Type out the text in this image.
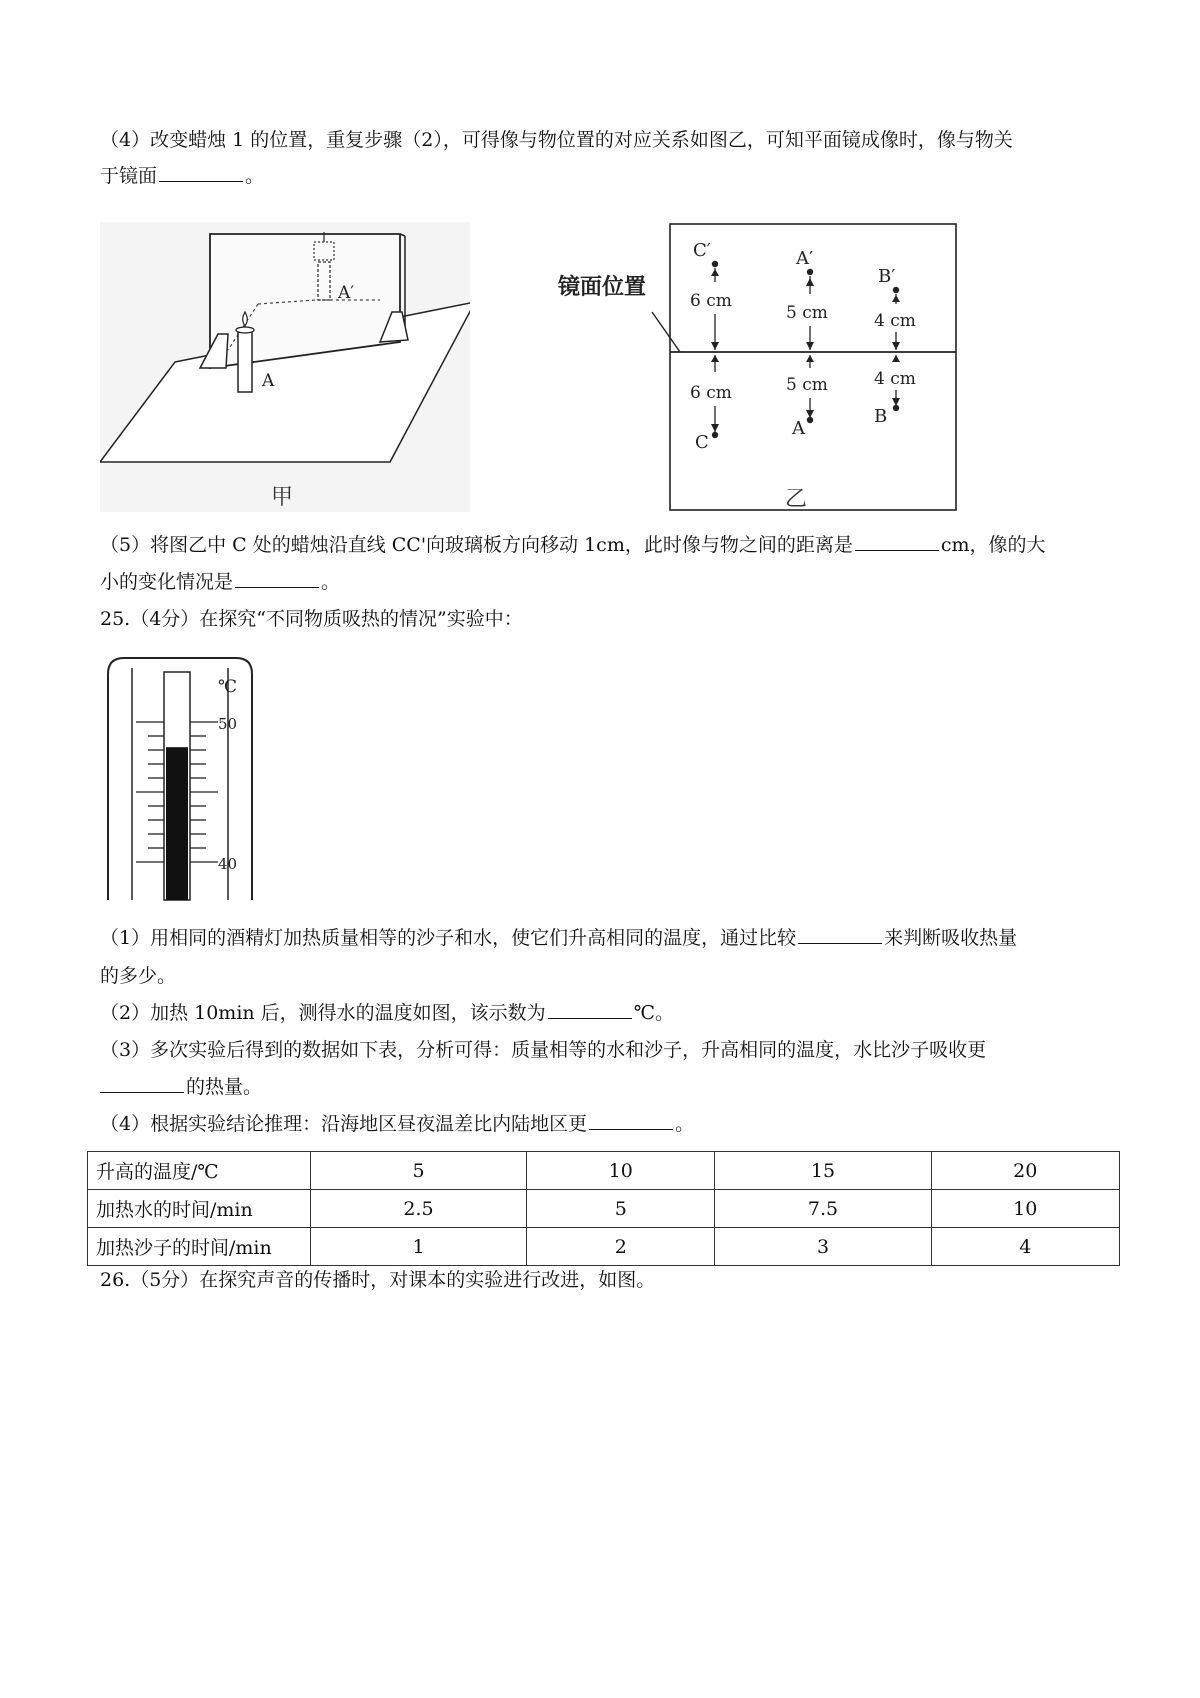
（4）改变蜡烛 1 的位置，重复步骤（2），可得像与物位置的对应关系如图乙，可知平面镜成像时，像与物关
于镜面	。
A′
A
甲
镜面位置
C′
6 cm
6 cm
C
A′
5 cm
5 cm
A
B′
4 cm
4 cm
B
乙
（5）将图乙中 C 处的蜡烛沿直线 CC'向玻璃板方向移动 1cm，此时像与物之间的距离是	cm，像的大
小的变化情况是	。
25.（4分）在探究“不同物质吸热的情况”实验中：
℃
50
40
（1）用相同的酒精灯加热质量相等的沙子和水，使它们升高相同的温度，通过比较	来判断吸收热量
的多少。
（2）加热 10min 后，测得水的温度如图，该示数为	℃。
（3）多次实验后得到的数据如下表，分析可得：质量相等的水和沙子，升高相同的温度，水比沙子吸收更
的热量。
（4）根据实验结论推理：沿海地区昼夜温差比内陆地区更	。
升高的温度/℃	5	10	15	20
加热水的时间/min	2.5	5	7.5	10
加热沙子的时间/min	1	2	3	4
26.（5分）在探究声音的传播时，对课本的实验进行改进，如图。
